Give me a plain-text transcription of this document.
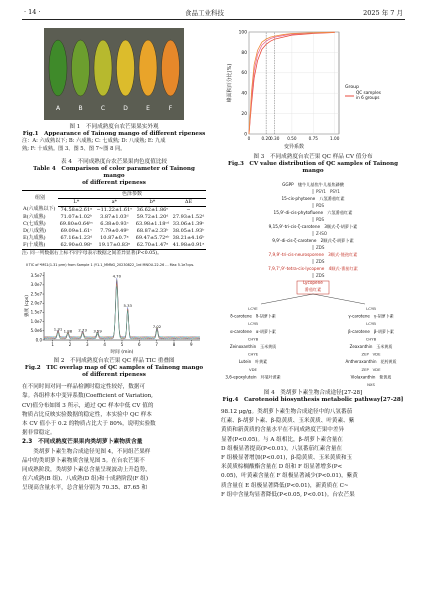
· 14 ·	食品工业科技	2025 年 7 月
A	B	C	D	E	F
图 1　不同成熟度台农芒果果实外观
Fig.1　Appearance of Tainong mango of different ripeness
注：A: 六成熟以下; B: 六成熟; C: 七成熟; D: 八成熟; E: 九成
熟; F: 十成熟。图 3、图 5、图 7~图 8 同。
表 4　不同成熟度台农芒果果肉色度值比较
Table 4　Comparison of color parameter of Tainong mango
of different ripeness
组别	色泽参数			
	L*	a*	b*	ΔE
A(六成熟以下)	74.58±2.61ᵃ	−11.22±1.61ᵉ	36.62±1.86ᵉ	−
B(六成熟)	71.07±1.02ᵇ	3.87±1.03ᵈ	59.72±1.20ᵈ	27.93±1.52ᵈ
C(七成熟)	69.80±0.64ᵇᶜ	6.38±0.93ᶜ	63.98±1.18ᶜᵈ	33.06±1.39ᶜ
D(八成熟)	69.09±1.61ᶜ	7.79±0.49ᵇ	68.87±2.33ᵇ	38.05±1.93ᵇ
E(九成熟)	67.16±1.23ᵈ	10.87±0.7ᵃ	69.47±5.72ᵃᵇ	38.21±4.16ᵇ
F(十成熟)	62.90±0.98ᵉ	19.17±0.83ᵃ	62.70±1.47ᵃ	41.98±0.91ᵃ
注: 同一列数据右上标不同字母表示数据之间差异显著(P<0.05)。
Ⅱ TIC of *MS1(1.31 prm) from Sample 1 (Y1.1_MMNG_20230822_1rd MNOU-22-26 ... Max 5.1e7cps.
0.0
5.0e6
1.0e7
1.5e7
2.0e7
2.5e7
3.0e7
3.5e7
1	2	3	4	5	6	7	8	9
时间 (min)
强度 (cps)
1.31 1.88 2.73 3.59
4.70
5.33
7.02
图 2　不同成熟度台农芒果 QC 样品 TIC 重叠图
Fig.2　TIC overlap map of QC samples of Tainong mango
of different ripeness
在不同时间对同一样品检测时稳定性较好，数据可
靠。各组样本中变异系数(Coefficient of Variation,
CV)值分布如图 3 所示，通过 QC 样本中低 CV 值的
物质占比反映实验数据的稳定性，本实验中 QC 样本
本 CV 值小于 0.2 的物质占比大于 80%，说明实验数
据非常稳定。
2.3　不同成熟度芒果果肉类胡萝卜素物质含量
　　类胡萝卜素生物合成途径见图 4，不同组芒果样
品中的类胡萝卜素物质含量见图 5。在台农芒果不
同成熟阶段，类胡萝卜素总含量呈现波动上升趋势，
在六成熟(B 组)、八成熟(D 组)和十成熟阶段(F 组)
呈现高含量水平，总含量分别为 70.35、87.65 和
0
20
40
60
80
100
0	0.20 0.30 0.50	0.75	1.00
变异系数
峰面积百分比(%)	Group
QC samples
in 6 groups
图 3　不同成熟度台农芒果 QC 样品 CV 值分布
Fig.3　CV value distribution of QC samples of Tainong mango
GGPP　牻牛儿基焦牛儿基焦磷酸
PSY1　PSY1
15-cis-phytoene　八氢番茄红素
PDS
15,9'-di-cis-phytofluene　六氢番茄红素
PDS
9,15,9'-tri-cis-ζ-carotene　3顺式-ζ-胡萝卜素
Z-ISO
9,9'-di-cis-ζ-carotene　2顺式-ζ-胡萝卜素
ZDS
7,9,9'-tri-cis-neurosporene　3顺式-链孢红素
ZDS
7,9,7',9'-tetra-cis-lycopene　4顺式-番茄红素
ZDS
Lycopene
番茄红素
LCYE
δ-carotene　δ-胡萝卜素
LCYB
α-carotene　α-胡萝卜素
CHYB
Zeinoxanthin　玉米黄质
CHYE
Lutein　叶黄素
VDE
3,6-epoxylutein　环氧叶黄素
LCYB
γ-carotene　γ-胡萝卜素
LCYB
β-carotene　β-胡萝卜素
CHYB
Zeaxanthin　玉米黄质
ZEP　VDE
Antheraxanthin　花药黄质
ZEP　VDE
Violaxanthin　紫黄质
NXS
图 4　类胡萝卜素生物合成途径[27-28]
Fig.4　Carotenoid biosynthesis metabolic pathway[27-28]
98.12 μg/g。类胡萝卜素生物合成途径中的八氢番茄
红素、β-胡萝卜素、β-隐黄质、玉米黄质、叶黄素、紫
黄质和新黄质的含量水平在不同成熟度芒果中差异
显著(P<0.05)。与 A 组相比，β-胡萝卜素含量在
D 组极显著提高(P<0.01)，八氢番茄红素含量在
F 组极显著增加(P<0.01)，β-隐黄质、玉米黄质和玉
米黄质棕榈酸酯含量在 D 组和 F 组显著增多(P<
0.05)，叶黄素含量在 F 组极显著减少(P<0.01)，紫黄
质含量在 E 组极显著降低(P<0.01)，新黄质在 C~
F 组中含量均显著降低(P<0.05, P<0.01)。台农芒果
